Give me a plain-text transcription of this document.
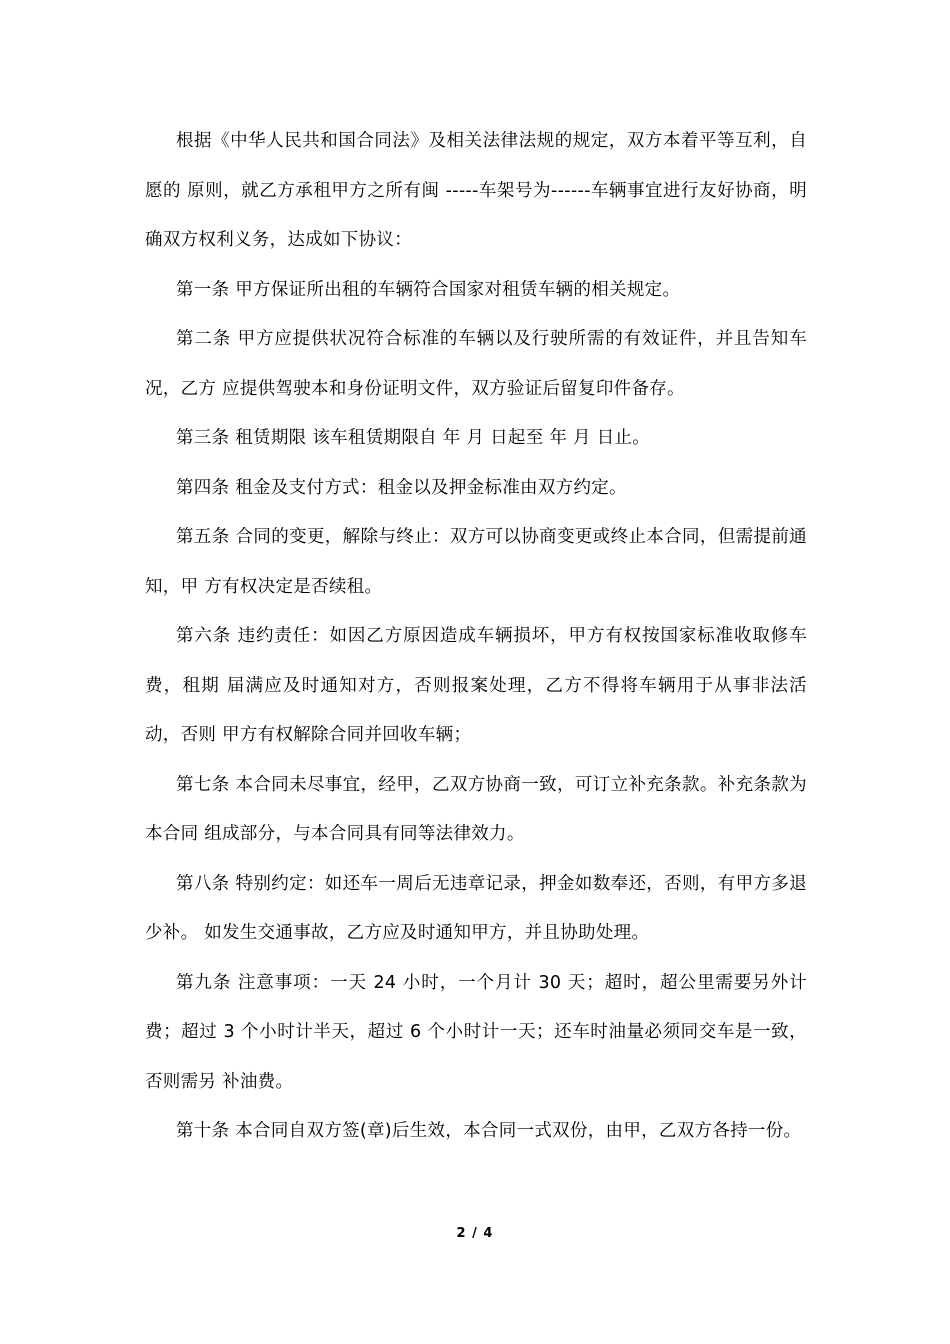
根据《中华人民共和国合同法》及相关法律法规的规定，双方本着平等互利，自愿的 原则，就乙方承租甲方之所有闽 -----车架号为------车辆事宜进行友好协商，明确双方权利义务，达成如下协议：

第一条 甲方保证所出租的车辆符合国家对租赁车辆的相关规定。

第二条 甲方应提供状况符合标准的车辆以及行驶所需的有效证件，并且告知车况，乙方 应提供驾驶本和身份证明文件，双方验证后留复印件备存。

第三条 租赁期限 该车租赁期限自 年 月 日起至 年 月 日止。

第四条 租金及支付方式：租金以及押金标准由双方约定。

第五条 合同的变更，解除与终止：双方可以协商变更或终止本合同，但需提前通知，甲 方有权决定是否续租。

第六条 违约责任：如因乙方原因造成车辆损坏，甲方有权按国家标准收取修车费，租期 届满应及时通知对方，否则报案处理，乙方不得将车辆用于从事非法活动，否则 甲方有权解除合同并回收车辆；

第七条 本合同未尽事宜，经甲，乙双方协商一致，可订立补充条款。补充条款为本合同 组成部分，与本合同具有同等法律效力。

第八条 特别约定：如还车一周后无违章记录，押金如数奉还，否则，有甲方多退少补。 如发生交通事故，乙方应及时通知甲方，并且协助处理。

第九条 注意事项：一天 24 小时，一个月计 30 天；超时，超公里需要另外计费；超过 3 个小时计半天，超过 6 个小时计一天；还车时油量必须同交车是一致，否则需另 补油费。

第十条 本合同自双方签(章)后生效，本合同一式双份，由甲，乙双方各持一份。

2 / 4
